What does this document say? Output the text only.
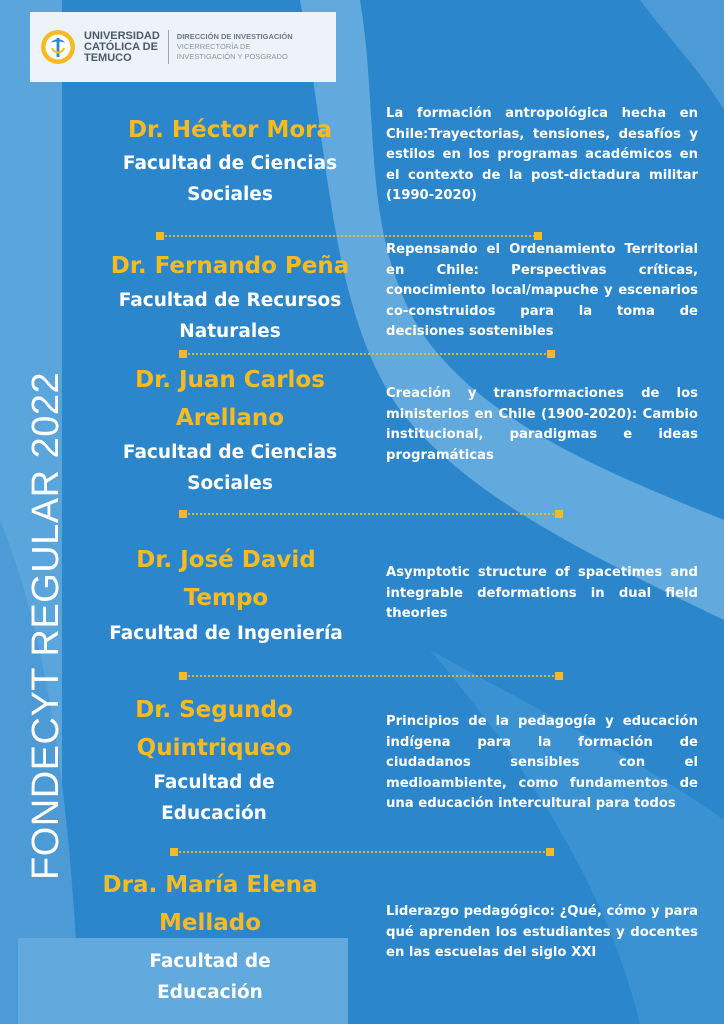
UNIVERSIDAD
CATÓLICA DE
TEMUCO
DIRECCIÓN DE INVESTIGACIÓN
VICERRECTORÍA DE
INVESTIGACIÓN Y POSGRADO
FONDECYT REGULAR 2022
Dr. Héctor Mora
Facultad de Ciencias
Sociales
La formación antropológica hecha en Chile:Trayectorias, tensiones, desafíos y estilos en los programas académicos en el contexto de la post-dictadura militar (1990-2020)
Dr. Fernando Peña
Facultad de Recursos
Naturales
Repensando el Ordenamiento Territorial en Chile: Perspectivas críticas, conocimiento local/mapuche y escenarios co-construidos para la toma de decisiones sostenibles
Dr. Juan Carlos
Arellano
Facultad de Ciencias
Sociales
Creación y transformaciones de los ministerios en Chile (1900-2020): Cambio institucional, paradigmas e ideas programáticas
Dr. José David
Tempo
Facultad de Ingeniería
Asymptotic structure of spacetimes and integrable deformations in dual field theories
Dr. Segundo
Quintriqueo
Facultad de
Educación
Principios de la pedagogía y educación indígena para la formación de ciudadanos sensibles con el medioambiente, como fundamentos de una educación intercultural para todos
Dra. María Elena
Mellado
Facultad de
Educación
Liderazgo pedagógico: ¿Qué, cómo y para qué aprenden los estudiantes y docentes en las escuelas del siglo XXI
